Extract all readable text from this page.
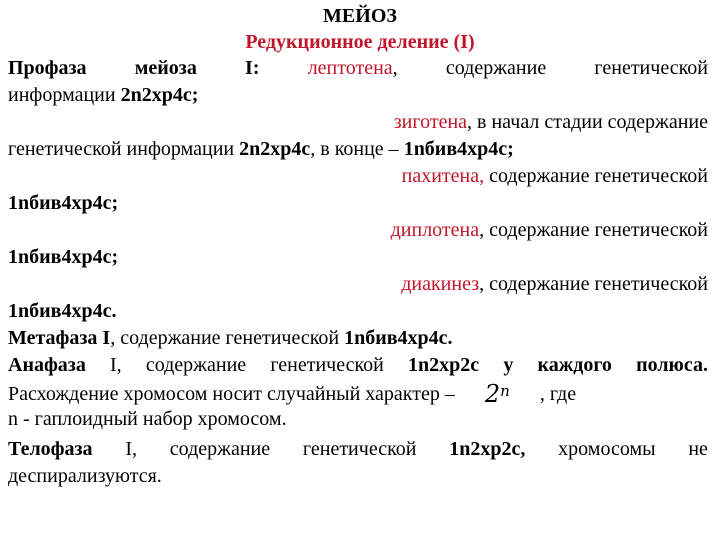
МЕЙОЗ
Редукционное деление (I)
Профаза мейоза I: лептотена, содержание генетической
информации 2n2хр4с;
зиготена, в начал стадии содержание
генетической информации 2n2хр4с, в конце – 1nбив4хр4с;
пахитена, содержание генетической
1nбив4хр4с;
диплотена, содержание генетической
1nбив4хр4с;
диакинез, содержание генетической
1nбив4хр4с.
Метафаза I, содержание генетической 1nбив4хр4с.
Анафаза I, содержание генетической 1n2хр2с у каждого полюса.
Расхождение хромосом носит случайный характер – 2$^n$ , где
n - гаплоидный набор хромосом.
Телофаза I, содержание генетической 1n2хр2с, хромосомы не
деспирализуются.
